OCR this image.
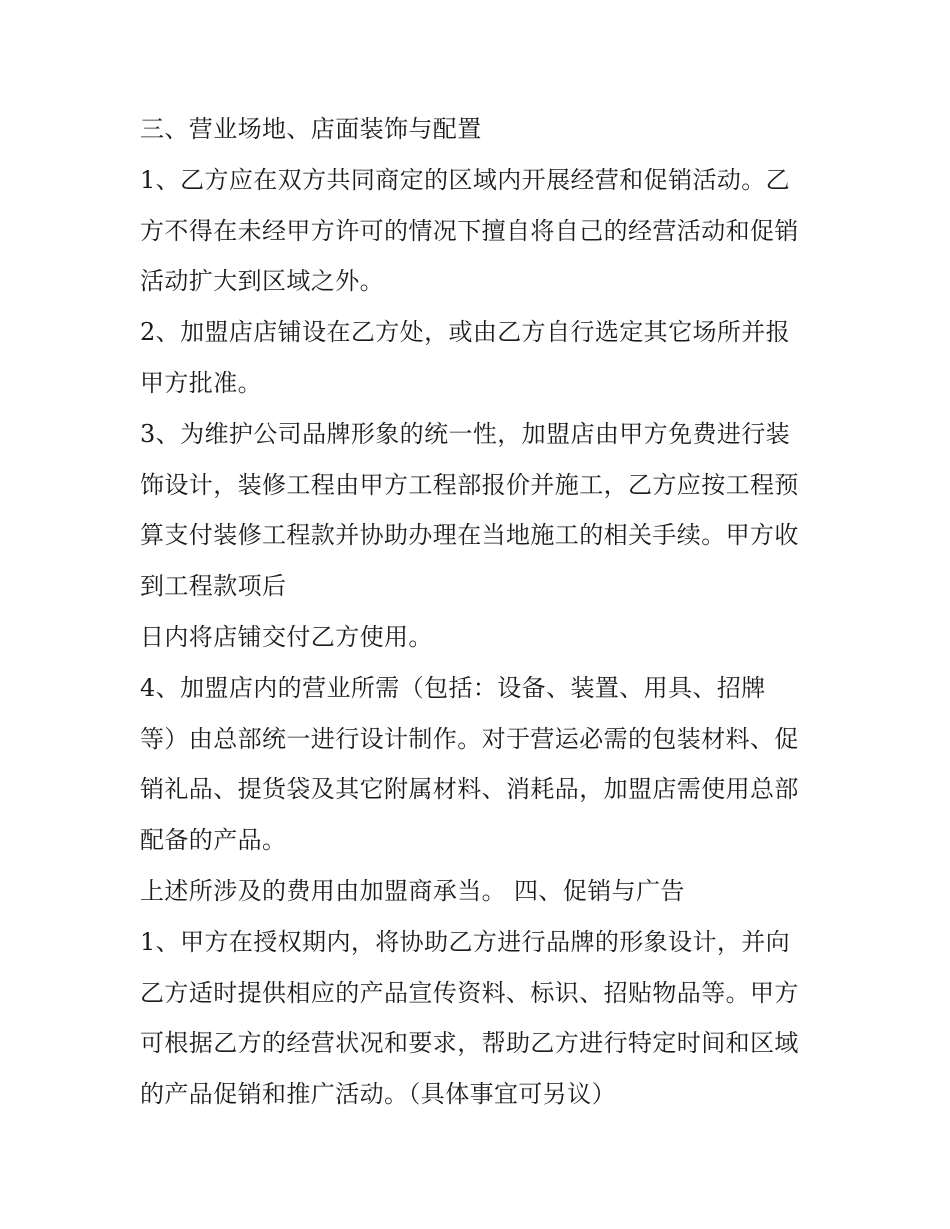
三、营业场地、店面装饰与配置
1、乙方应在双方共同商定的区域内开展经营和促销活动。乙
方不得在未经甲方许可的情况下擅自将自己的经营活动和促销
活动扩大到区域之外。
2、加盟店店铺设在乙方处，或由乙方自行选定其它场所并报
甲方批准。
3、为维护公司品牌形象的统一性，加盟店由甲方免费进行装
饰设计，装修工程由甲方工程部报价并施工，乙方应按工程预
算支付装修工程款并协助办理在当地施工的相关手续。甲方收
到工程款项后
日内将店铺交付乙方使用。
4、加盟店内的营业所需（包括：设备、装置、用具、招牌
等）由总部统一进行设计制作。对于营运必需的包装材料、促
销礼品、提货袋及其它附属材料、消耗品，加盟店需使用总部
配备的产品。
上述所涉及的费用由加盟商承当。 四、促销与广告
1、甲方在授权期内，将协助乙方进行品牌的形象设计，并向
乙方适时提供相应的产品宣传资料、标识、招贴物品等。甲方
可根据乙方的经营状况和要求，帮助乙方进行特定时间和区域
的产品促销和推广活动。（具体事宜可另议）
